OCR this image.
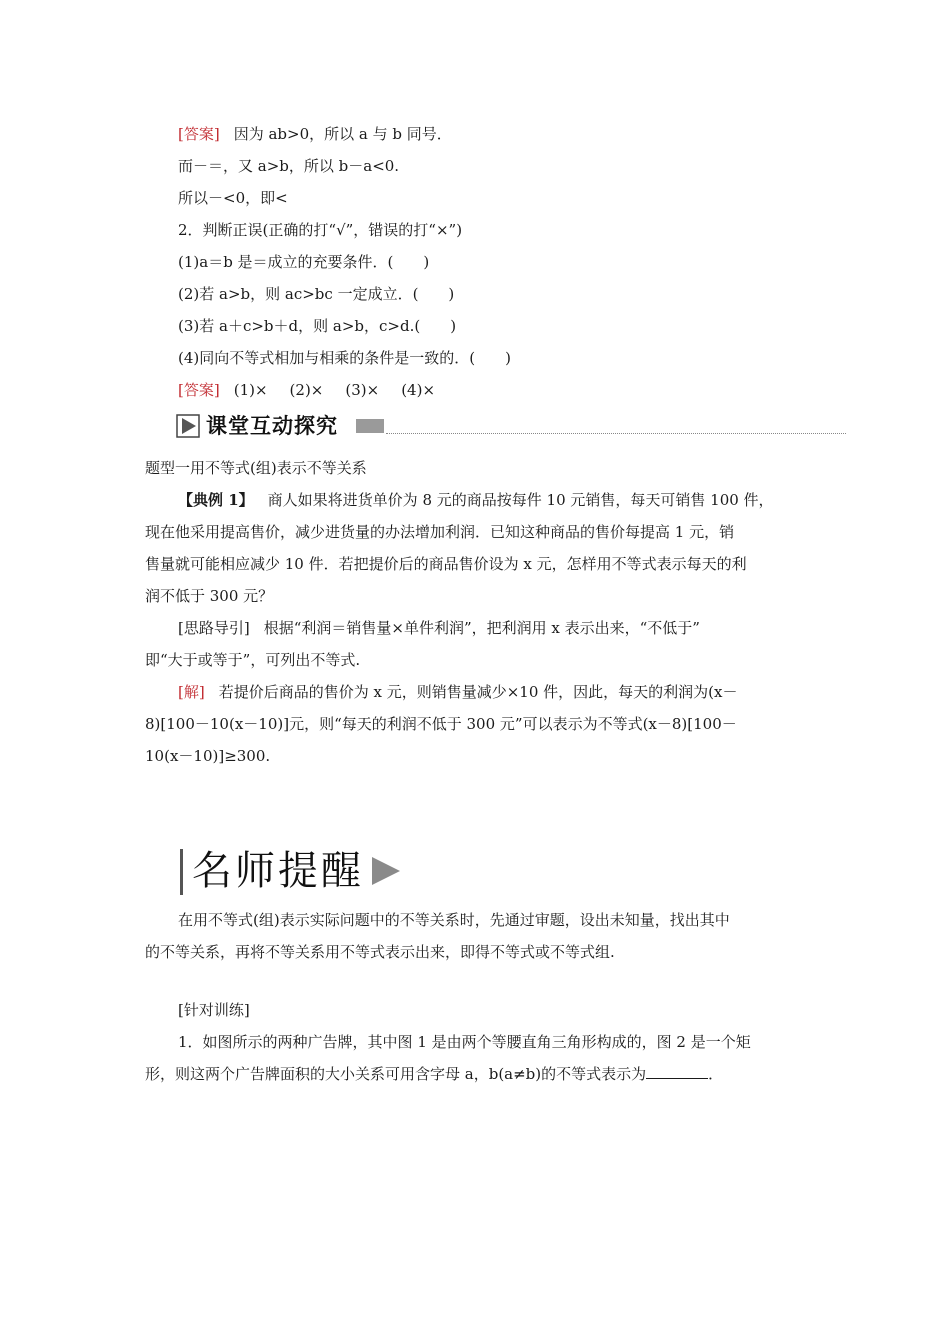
[答案] 因为 ab>0，所以 a 与 b 同号．
而－＝，又 a>b，所以 b－a<0.
所以－<0，即<
2．判断正误(正确的打“√”，错误的打“×”)
(1)a＝b 是＝成立的充要条件．(　　)
(2)若 a>b，则 ac>bc 一定成立．(　　)
(3)若 a＋c>b＋d，则 a>b，c>d.(　　)
(4)同向不等式相加与相乘的条件是一致的．(　　)
[答案] (1)× (2)× (3)× (4)×
课堂互动探究
题型一用不等式(组)表示不等关系
【典例 1】 商人如果将进货单价为 8 元的商品按每件 10 元销售，每天可销售 100 件，
现在他采用提高售价，减少进货量的办法增加利润．已知这种商品的售价每提高 1 元，销
售量就可能相应减少 10 件．若把提价后的商品售价设为 x 元，怎样用不等式表示每天的利
润不低于 300 元？
[思路导引] 根据“利润＝销售量×单件利润”，把利润用 x 表示出来，“不低于”
即“大于或等于”，可列出不等式.
[解] 若提价后商品的售价为 x 元，则销售量减少×10 件，因此，每天的利润为(x－
8)[100－10(x－10)]元，则“每天的利润不低于 300 元”可以表示为不等式(x－8)[100－
10(x－10)]≥300.
名师提醒
在用不等式(组)表示实际问题中的不等关系时，先通过审题，设出未知量，找出其中
的不等关系，再将不等关系用不等式表示出来，即得不等式或不等式组.
[针对训练]
1．如图所示的两种广告牌，其中图 1 是由两个等腰直角三角形构成的，图 2 是一个矩
形，则这两个广告牌面积的大小关系可用含字母 a，b(a≠b)的不等式表示为	．
